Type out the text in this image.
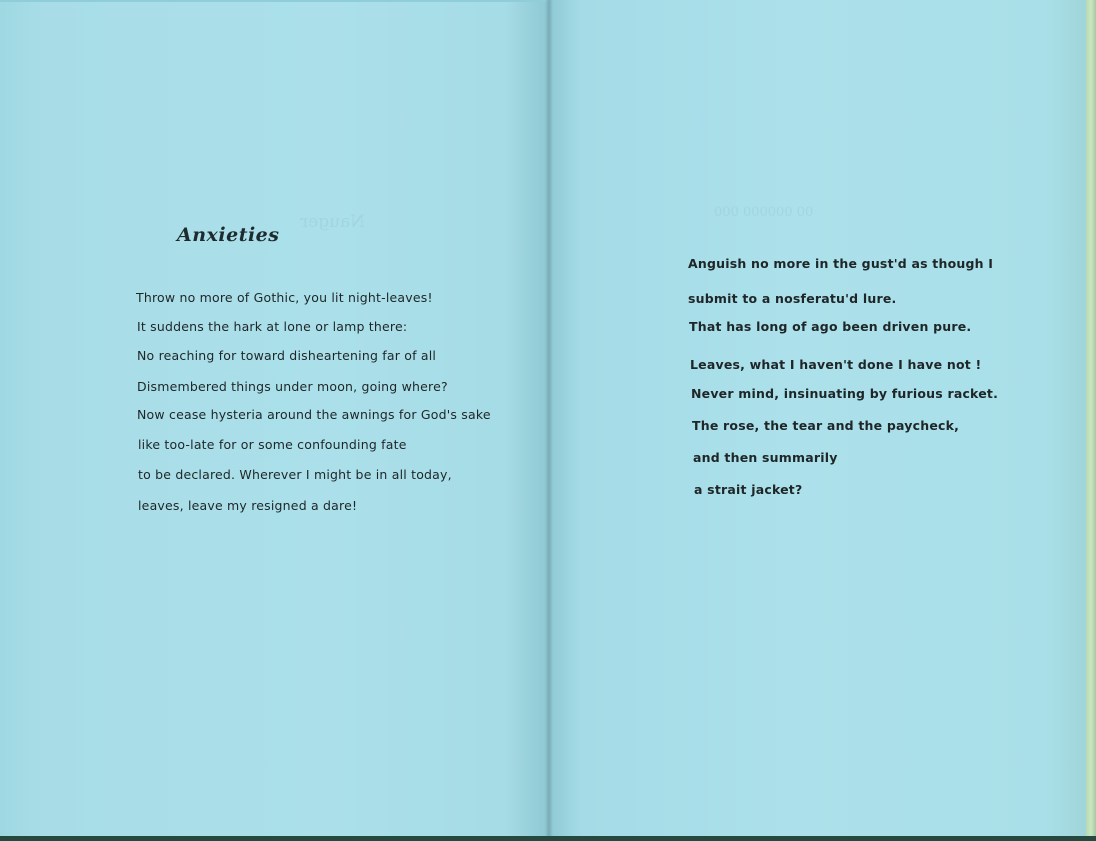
Nauger
Anxieties
Throw no more of Gothic, you lit night-leaves!
It suddens the hark at lone or lamp there:
No reaching for toward disheartening far of all
Dismembered things under moon, going where?
Now cease hysteria around the awnings for God's sake
like too-late for or some confounding fate
to be declared. Wherever I might be in all today,
leaves, leave my resigned a dare!
00 000000 000
Anguish no more in the gust'd as though I
submit to a nosferatu'd lure.
That has long of ago been driven pure.
Leaves, what I haven't done I have not !
Never mind, insinuating by furious racket.
The rose, the tear and the paycheck,
and then summarily
a strait jacket?
